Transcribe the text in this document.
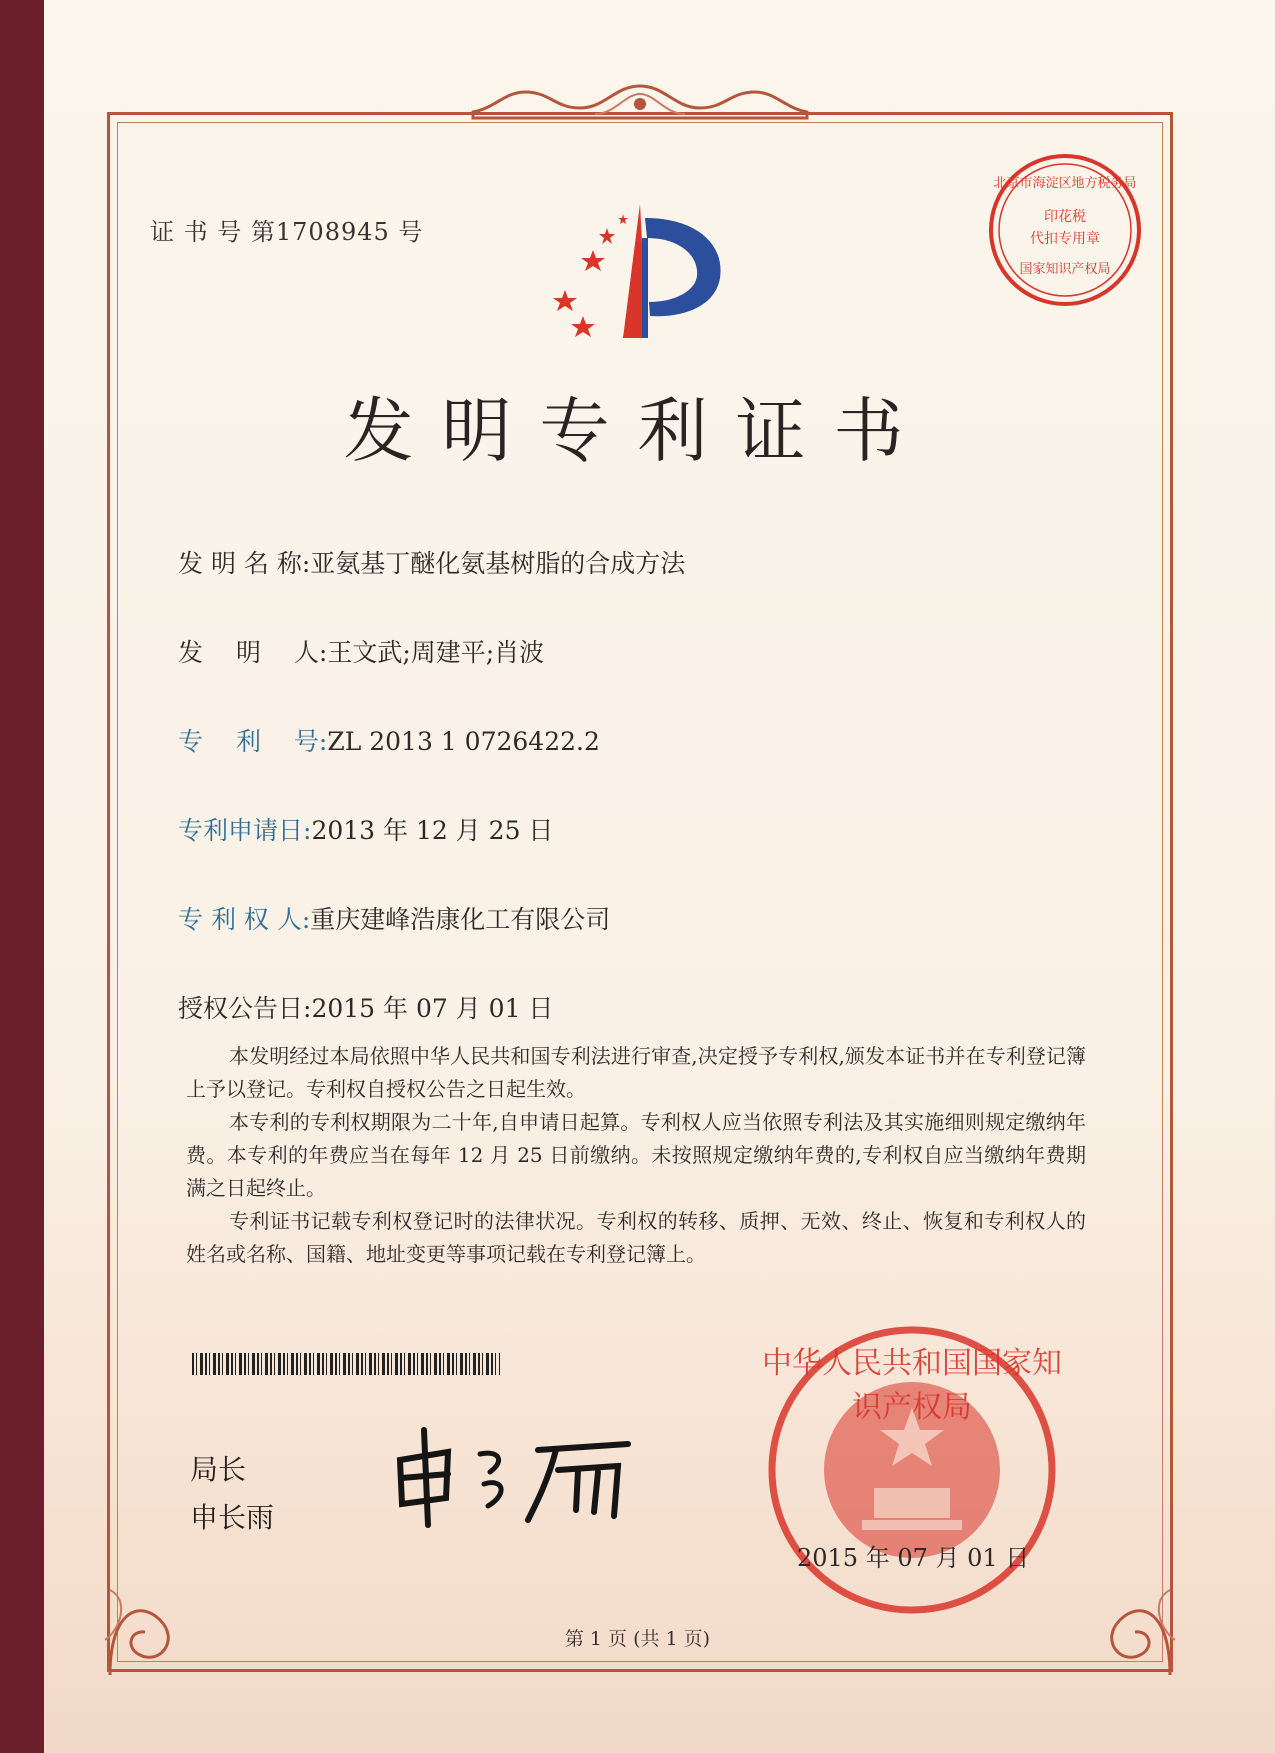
北京市海淀区地方税务局
印花税
代扣专用章
国家知识产权局
证 书 号 第1708945 号
发明专利证书
发 明 名 称:亚氨基丁醚化氨基树脂的合成方法
发　 明　 人:王文武;周建平;肖波
专　 利　 号:ZL 2013 1 0726422.2
专利申请日:2013 年 12 月 25 日
专 利 权 人:重庆建峰浩康化工有限公司
授权公告日:2015 年 07 月 01 日

本发明经过本局依照中华人民共和国专利法进行审查,决定授予专利权,颁发本证书并在专利登记簿上予以登记。专利权自授权公告之日起生效。

本专利的专利权期限为二十年,自申请日起算。专利权人应当依照专利法及其实施细则规定缴纳年费。本专利的年费应当在每年 12 月 25 日前缴纳。未按照规定缴纳年费的,专利权自应当缴纳年费期满之日起终止。

专利证书记载专利权登记时的法律状况。专利权的转移、质押、无效、终止、恢复和专利权人的姓名或名称、国籍、地址变更等事项记载在专利登记簿上。

局长
申长雨
中华人民共和国国家知识产权局
2015 年 07 月 01 日
第 1 页 (共 1 页)
